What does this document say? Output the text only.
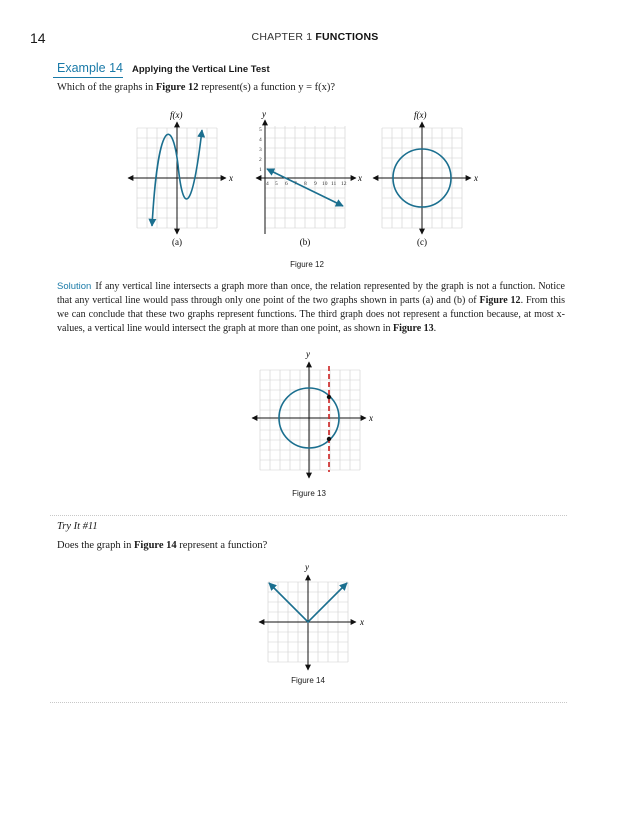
14	CHAPTER 1 FUNCTIONS
Example 14 Applying the Vertical Line Test
Which of the graphs in Figure 12 represent(s) a function y = f(x)?
f(x)
x
(a)
4 5 6 7 8 9 10 11 12
1
2
3
4
5
y
x
(b)
f(x)
x
(c)
y
x
y
x
Figure 12
Solution If any vertical line intersects a graph more than once, the relation represented by the graph is not a function. Notice that any vertical line would pass through only one point of the two graphs shown in parts (a) and (b) of Figure 12. From this we can conclude that these two graphs represent functions. The third graph does not represent a function because, at most x-values, a vertical line would intersect the graph at more than one point, as shown in Figure 13.
Figure 13
Try It #11
Does the graph in Figure 14 represent a function?
Figure 14
